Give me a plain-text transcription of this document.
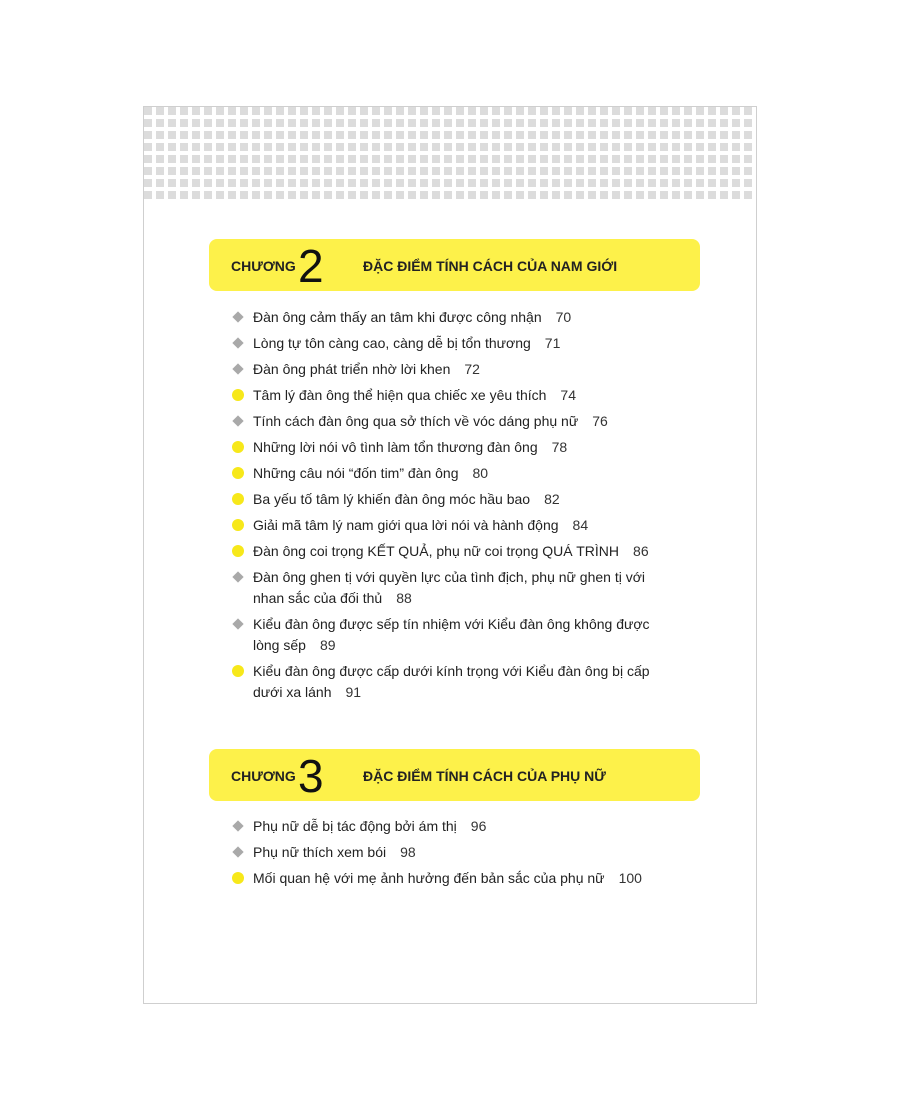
CHƯƠNG 2	ĐẶC ĐIỂM TÍNH CÁCH CỦA NAM GIỚI
Đàn ông cảm thấy an tâm khi được công nhận 70
Lòng tự tôn càng cao, càng dễ bị tổn thương 71
Đàn ông phát triển nhờ lời khen 72
Tâm lý đàn ông thể hiện qua chiếc xe yêu thích 74
Tính cách đàn ông qua sở thích về vóc dáng phụ nữ 76
Những lời nói vô tình làm tổn thương đàn ông 78
Những câu nói “đốn tim” đàn ông 80
Ba yếu tố tâm lý khiến đàn ông móc hầu bao 82
Giải mã tâm lý nam giới qua lời nói và hành động 84
Đàn ông coi trọng KẾT QUẢ, phụ nữ coi trọng QUÁ TRÌNH 86
Đàn ông ghen tị với quyền lực của tình địch, phụ nữ ghen tị với nhan sắc của đối thủ 88
Kiểu đàn ông được sếp tín nhiệm với Kiểu đàn ông không được lòng sếp 89
Kiểu đàn ông được cấp dưới kính trọng với Kiểu đàn ông bị cấp dưới xa lánh 91
CHƯƠNG 3	ĐẶC ĐIỂM TÍNH CÁCH CỦA PHỤ NỮ
Phụ nữ dễ bị tác động bởi ám thị 96
Phụ nữ thích xem bói 98
Mối quan hệ với mẹ ảnh hưởng đến bản sắc của phụ nữ 100
